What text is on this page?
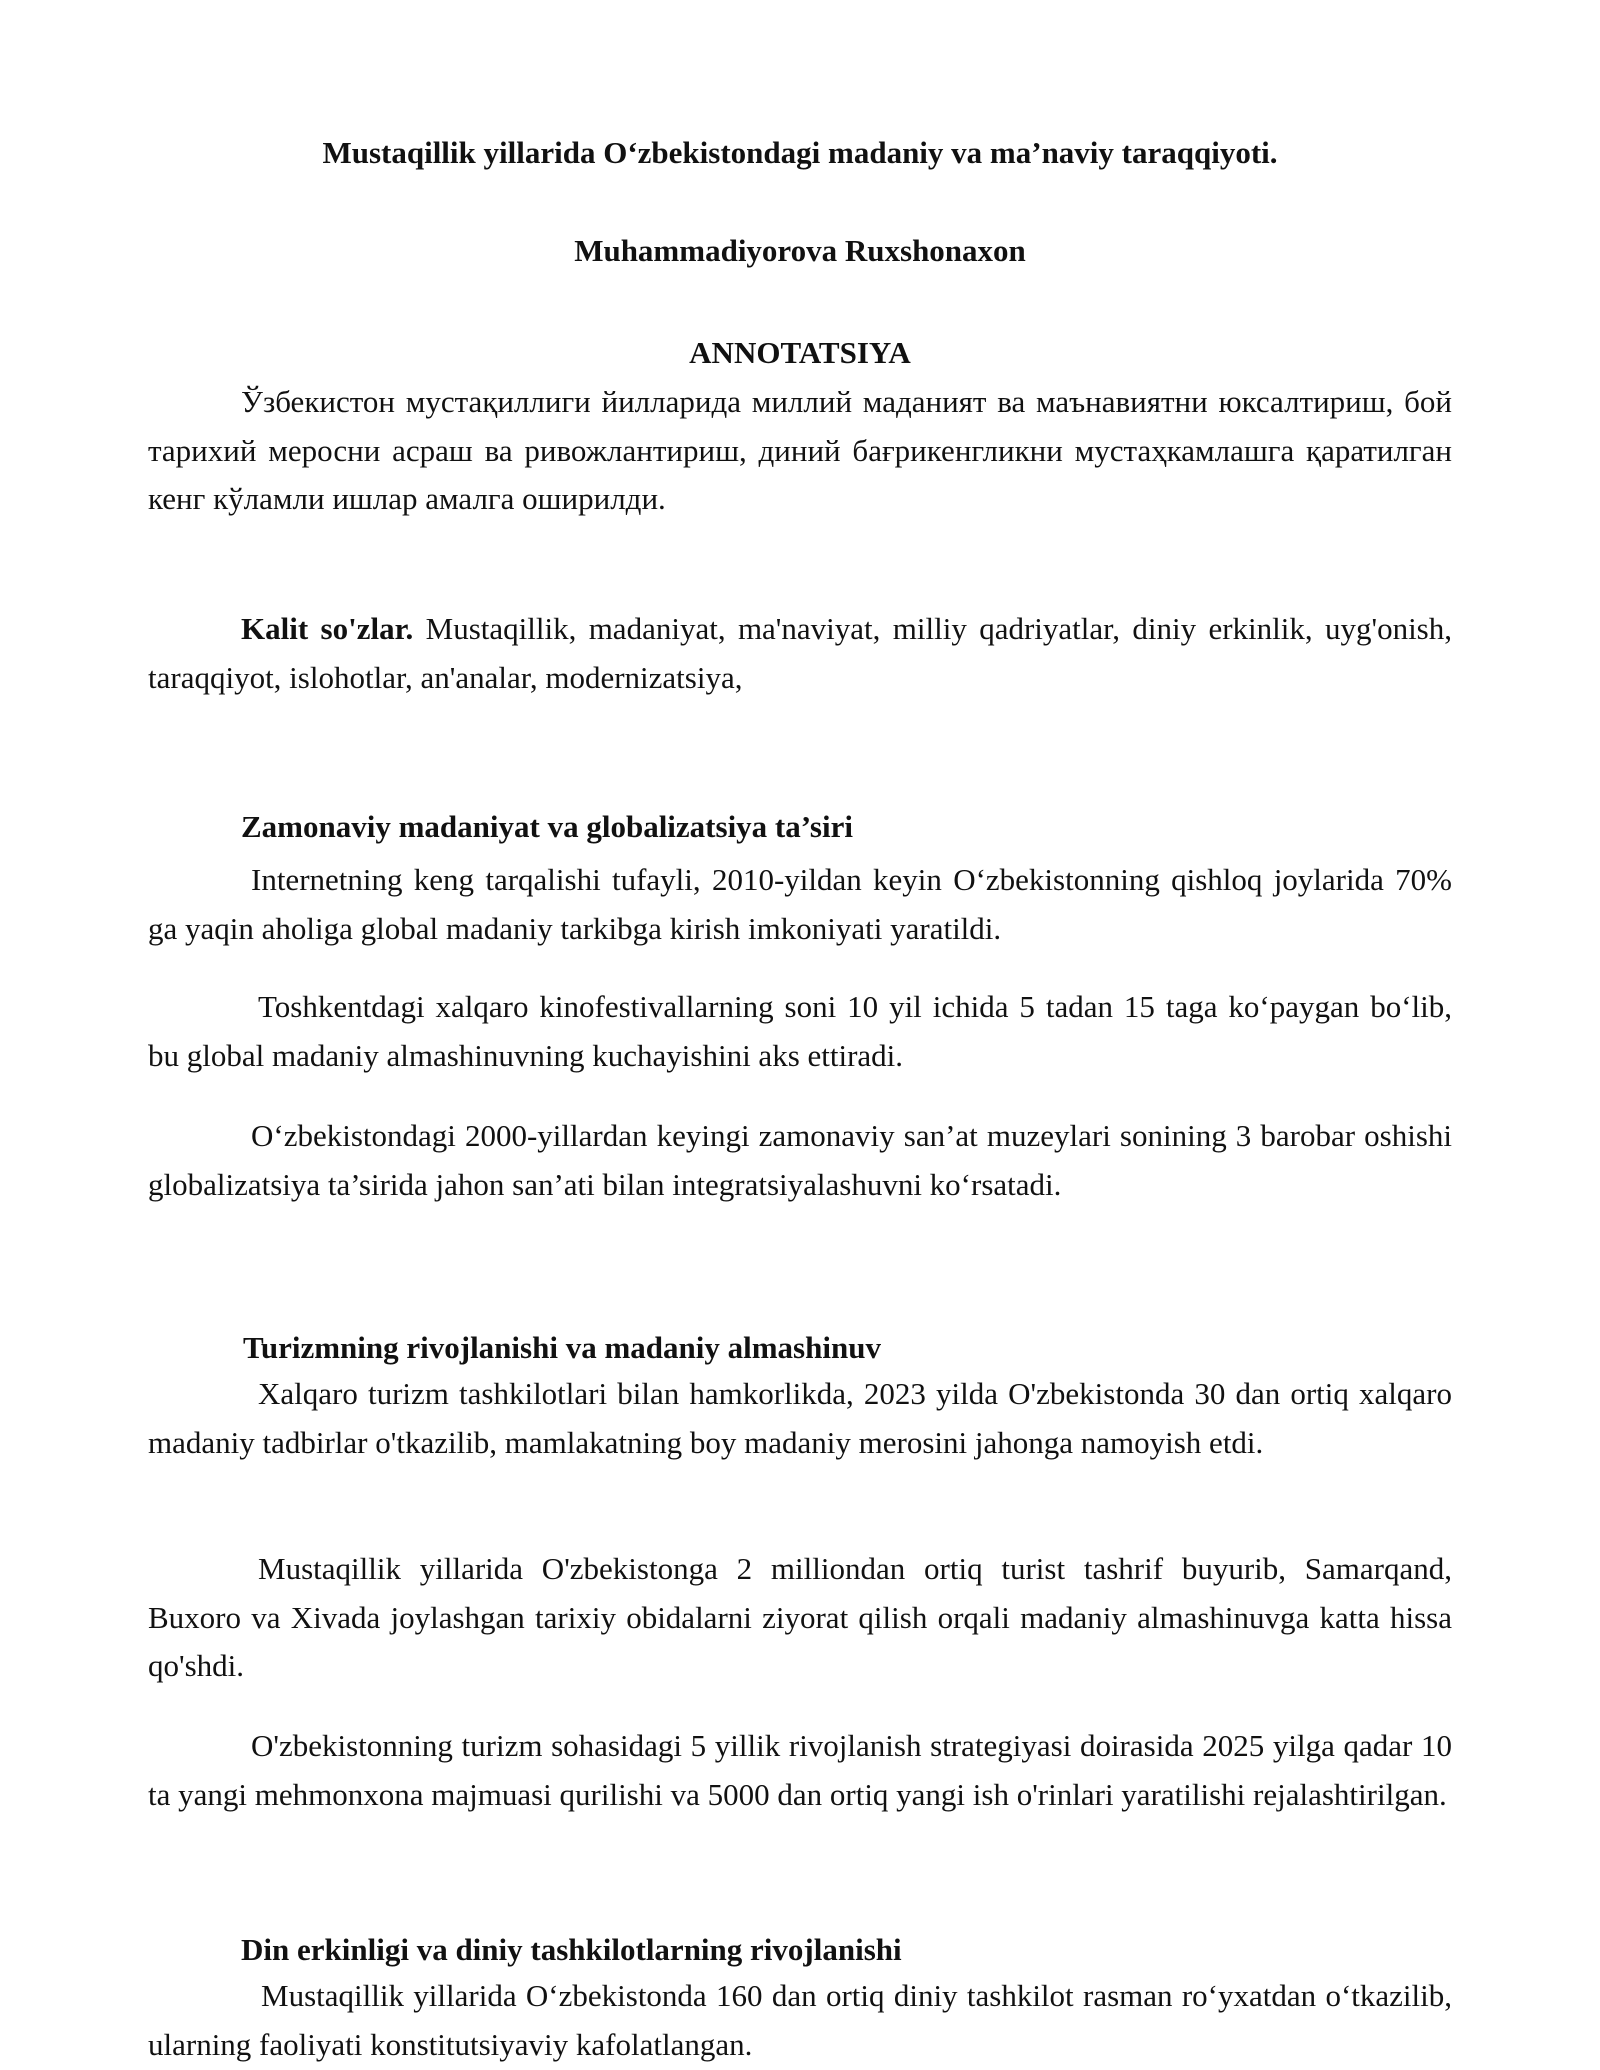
Mustaqillik yillarida O‘zbekistondagi madaniy va ma’naviy taraqqiyoti.
Muhammadiyorova Ruxshonaxon
ANNOTATSIYA

Ўзбекистон мустақиллиги йилларида миллий маданият ва маънавиятни юксалтириш, бой тарихий меросни асраш ва ривожлантириш, диний бағрикенгликни мустаҳкамлашга қаратилган кенг кўламли ишлар амалга оширилди.

Kalit so'zlar. Mustaqillik, madaniyat, ma'naviyat, milliy qadriyatlar, diniy erkinlik, uyg'onish, taraqqiyot, islohotlar, an'analar, modernizatsiya,

Zamonaviy madaniyat va globalizatsiya ta’siri

Internetning keng tarqalishi tufayli, 2010-yildan keyin O‘zbekistonning qishloq joylarida 70% ga yaqin aholiga global madaniy tarkibga kirish imkoniyati yaratildi.

Toshkentdagi xalqaro kinofestivallarning soni 10 yil ichida 5 tadan 15 taga ko‘paygan bo‘lib, bu global madaniy almashinuvning kuchayishini aks ettiradi.

O‘zbekistondagi 2000-yillardan keyingi zamonaviy san’at muzeylari sonining 3 barobar oshishi globalizatsiya ta’sirida jahon san’ati bilan integratsiyalashuvni ko‘rsatadi.

Turizmning rivojlanishi va madaniy almashinuv

Xalqaro turizm tashkilotlari bilan hamkorlikda, 2023 yilda O'zbekistonda 30 dan ortiq xalqaro madaniy tadbirlar o'tkazilib, mamlakatning boy madaniy merosini jahonga namoyish etdi.

Mustaqillik yillarida O'zbekistonga 2 milliondan ortiq turist tashrif buyurib, Samarqand, Buxoro va Xivada joylashgan tarixiy obidalarni ziyorat qilish orqali madaniy almashinuvga katta hissa qo'shdi.

O'zbekistonning turizm sohasidagi 5 yillik rivojlanish strategiyasi doirasida 2025 yilga qadar 10 ta yangi mehmonxona majmuasi qurilishi va 5000 dan ortiq yangi ish o'rinlari yaratilishi rejalashtirilgan.

Din erkinligi va diniy tashkilotlarning rivojlanishi

Mustaqillik yillarida O‘zbekistonda 160 dan ortiq diniy tashkilot rasman ro‘yxatdan o‘tkazilib, ularning faoliyati konstitutsiyaviy kafolatlangan.
